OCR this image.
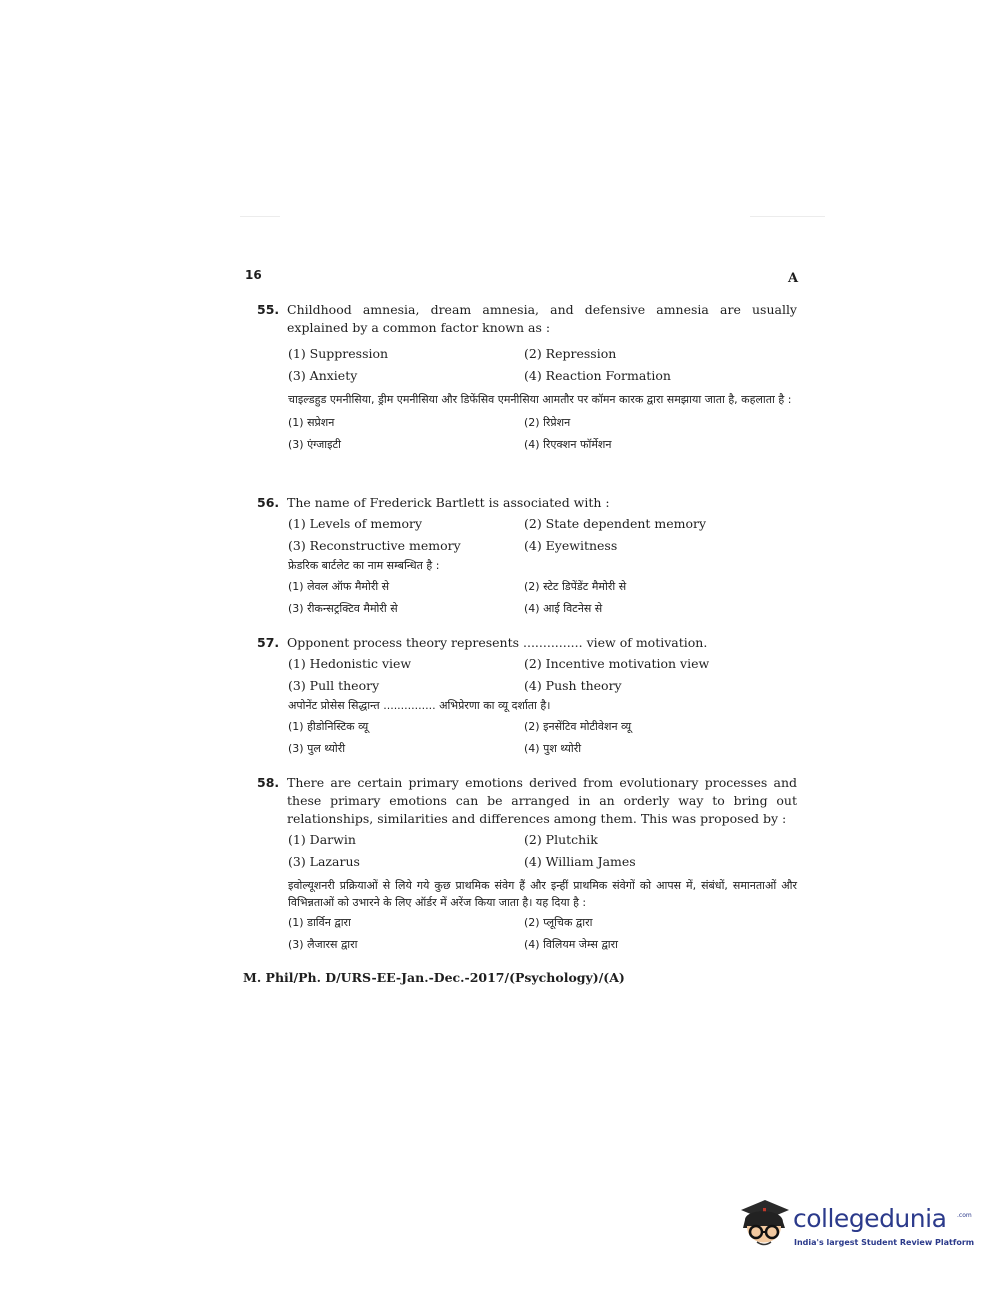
16	A
55. Childhood amnesia, dream amnesia, and defensive amnesia are usually explained by a common factor known as :
(1) Suppression	(2) Repression
(3) Anxiety	(4) Reaction Formation
चाइल्डहुड एमनीसिया, ड्रीम एमनीसिया और डिफेंसिव एमनीसिया आमतौर पर कॉमन कारक द्वारा समझाया जाता है, कहलाता है :
(1) सप्रेशन	(2) रिप्रेशन
(3) एंग्जाइटी	(4) रिएक्शन फॉर्मेशन
56. The name of Frederick Bartlett is associated with :
(1) Levels of memory	(2) State dependent memory
(3) Reconstructive memory	(4) Eyewitness
फ्रेडरिक बार्टलेट का नाम सम्बन्धित है :
(1) लेवल ऑफ मैमोरी से	(2) स्टेट डिपेंडेंट मैमोरी से
(3) रीकन्सट्रक्टिव मैमोरी से	(4) आई विटनेस से
57. Opponent process theory represents ............... view of motivation.
(1) Hedonistic view	(2) Incentive motivation view
(3) Pull theory	(4) Push theory
अपोनेंट प्रोसेस सिद्धान्त ............... अभिप्रेरणा का व्यू दर्शाता है।
(1) हीडोनिस्टिक व्यू	(2) इनसेंटिव मोटीवेशन व्यू
(3) पुल थ्योरी	(4) पुश थ्योरी
58. There are certain primary emotions derived from evolutionary processes and these primary emotions can be arranged in an orderly way to bring out relationships, similarities and differences among them. This was proposed by :
(1) Darwin	(2) Plutchik
(3) Lazarus	(4) William James
इवोल्यूशनरी प्रक्रियाओं से लिये गये कुछ प्राथमिक संवेग हैं और इन्हीं प्राथमिक संवेगों को आपस में, संबंधों, समानताओं और विभिन्नताओं को उभारने के लिए ऑर्डर में अरेंज किया जाता है। यह दिया है :
(1) डार्विन द्वारा	(2) प्लूचिक द्वारा
(3) लैजारस द्वारा	(4) विलियम जेम्स द्वारा
M. Phil/Ph. D/URS-EE-Jan.-Dec.-2017/(Psychology)/(A)
collegedunia .com
India's largest Student Review Platform
